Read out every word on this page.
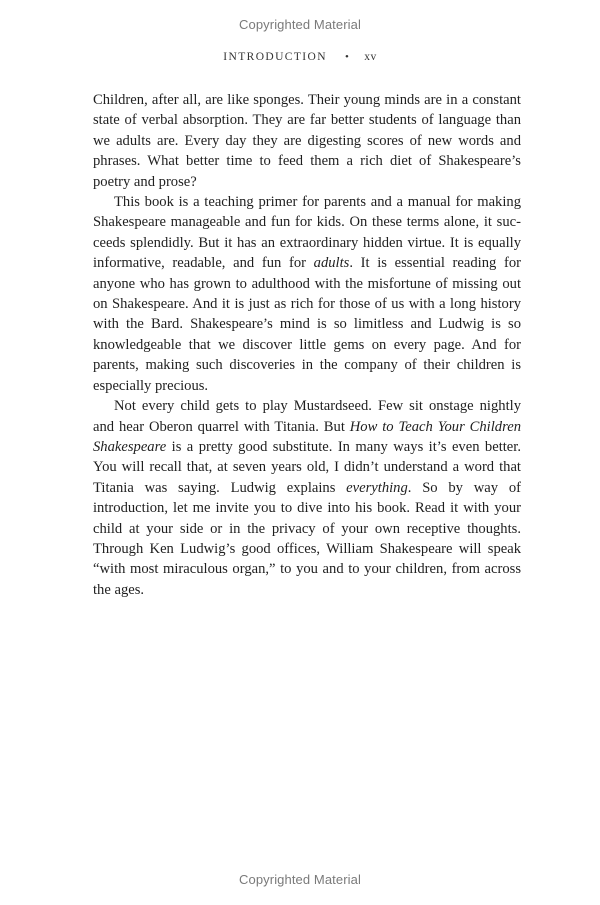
Copyrighted Material
INTRODUCTION • xv

Children, after all, are like sponges. Their young minds are in a constant state of verbal absorption. They are far better students of language than we adults are. Every day they are digesting scores of new words and phrases. What better time to feed them a rich diet of Shakespeare’s poetry and prose?

This book is a teaching primer for parents and a manual for making Shakespeare manageable and fun for kids. On these terms alone, it succeeds splendidly. But it has an extraordinary hidden virtue. It is equally informative, readable, and fun for adults. It is essential reading for anyone who has grown to adulthood with the misfortune of missing out on Shakespeare. And it is just as rich for those of us with a long history with the Bard. Shakespeare’s mind is so limitless and Ludwig is so knowledgeable that we discover little gems on every page. And for parents, making such discoveries in the company of their children is especially precious.

Not every child gets to play Mustardseed. Few sit onstage nightly and hear Oberon quarrel with Titania. But How to Teach Your Children Shakespeare is a pretty good substitute. In many ways it’s even better. You will recall that, at seven years old, I didn’t understand a word that Titania was saying. Ludwig explains everything. So by way of introduction, let me invite you to dive into his book. Read it with your child at your side or in the privacy of your own receptive thoughts. Through Ken Ludwig’s good offices, William Shakespeare will speak “with most miraculous organ,” to you and to your children, from across the ages.

Copyrighted Material
